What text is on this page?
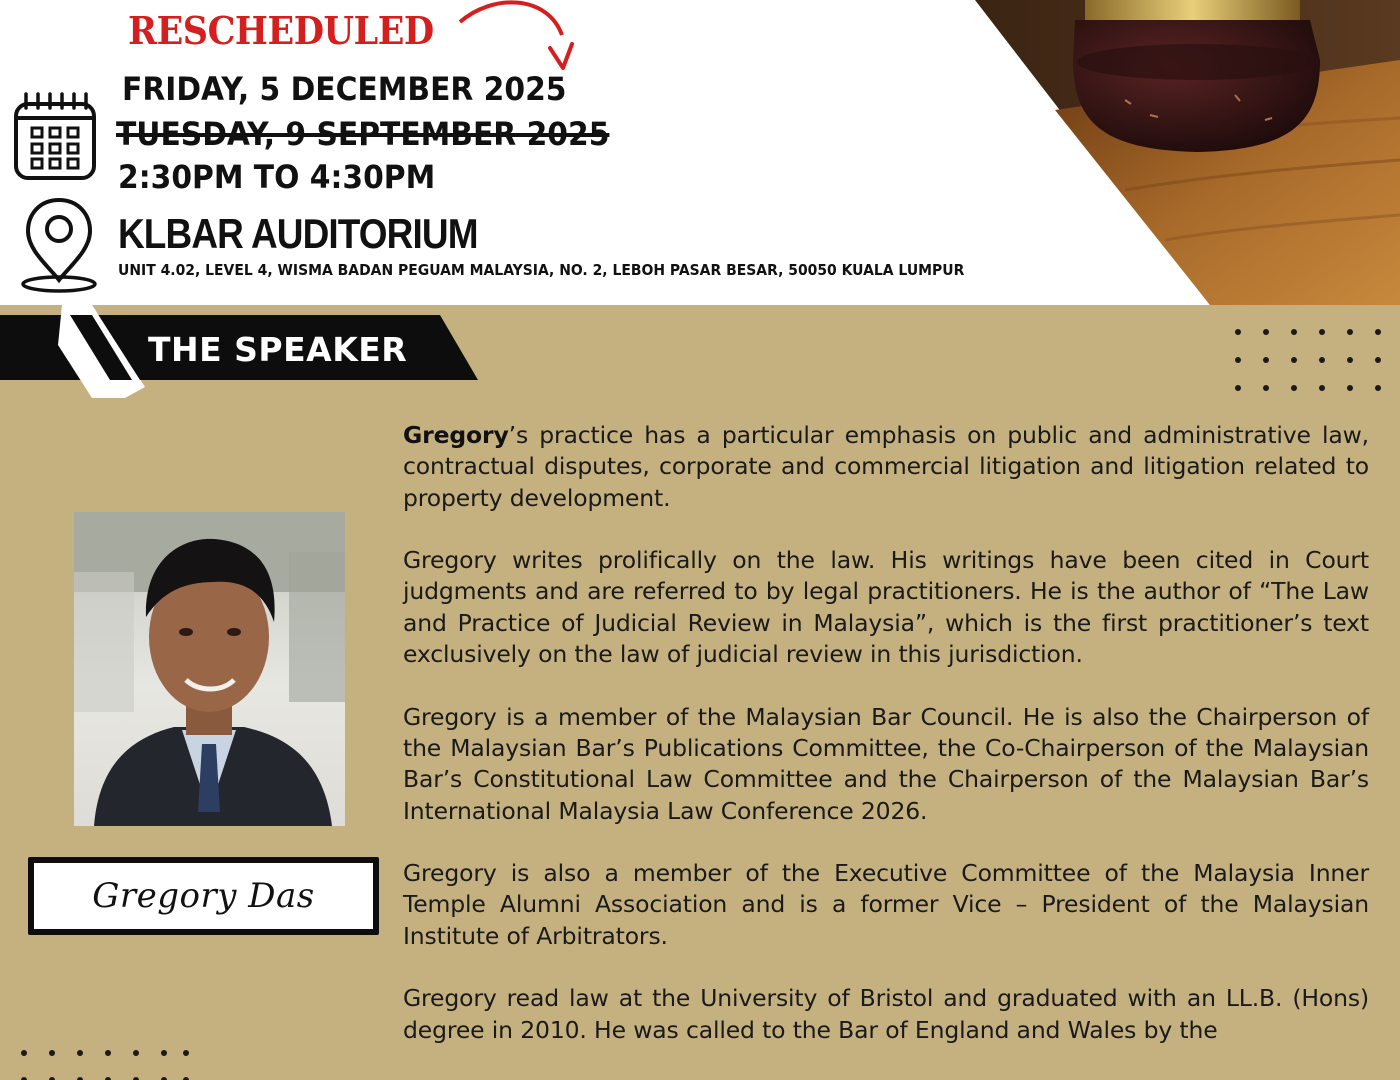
RESCHEDULED
FRIDAY, 5 DECEMBER 2025
TUESDAY, 9 SEPTEMBER 2025
2:30PM TO 4:30PM
KLBAR AUDITORIUM
UNIT 4.02, LEVEL 4, WISMA BADAN PEGUAM MALAYSIA, NO. 2, LEBOH PASAR BESAR, 50050 KUALA LUMPUR
THE SPEAKER
Gregory Das

Gregory’s practice has a particular emphasis on public and administrative law, contractual disputes, corporate and commercial litigation and litigation related to property development.

Gregory writes prolifically on the law. His writings have been cited in Court judgments and are referred to by legal practitioners. He is the author of “The Law and Practice of Judicial Review in Malaysia”, which is the first practitioner’s text exclusively on the law of judicial review in this jurisdiction.

Gregory is a member of the Malaysian Bar Council. He is also the Chairperson of the Malaysian Bar’s Publications Committee, the Co-Chairperson of the Malaysian Bar’s Constitutional Law Committee and the Chairperson of the Malaysian Bar’s International Malaysia Law Conference 2026.

Gregory is also a member of the Executive Committee of the Malaysia Inner Temple Alumni Association and is a former Vice – President of the Malaysian Institute of Arbitrators.

Gregory read law at the University of Bristol and graduated with an LL.B. (Hons) degree in 2010. He was called to the Bar of England and Wales by the
